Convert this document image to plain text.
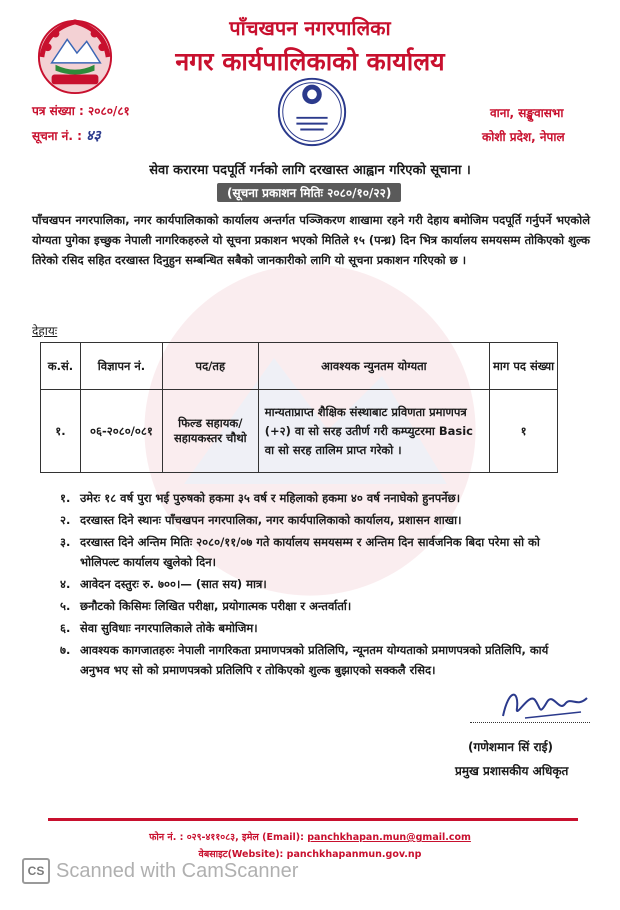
पाँचखपन नगरपालिका
नगर कार्यपालिकाको कार्यालय
पत्र संख्या : २०८०/८१
सूचना नं. : ४३
वाना, सङ्खुवासभा
कोशी प्रदेश, नेपाल
सेवा करारमा पदपूर्ति गर्नको लागि दरखास्त आह्वान गरिएको सूचाना ।
(सूचना प्रकाशन मितिः २०८०/१०/२२)
पाँचखपन नगरपालिका, नगर कार्यपालिकाको कार्यालय अन्तर्गत पञ्जिकरण शाखामा रहने गरी देहाय बमोजिम पदपूर्ति गर्नुपर्ने भएकोले योग्यता पुगेका इच्छुक नेपाली नागरिकहरुले यो सूचना प्रकाशन भएको मितिले १५ (पन्ध्र) दिन भित्र कार्यालय समयसम्म तोकिएको शुल्क तिरेको रसिद सहित दरखास्त दिनुहुन सम्बन्धित सबैको जानकारीको लागि यो सूचना प्रकाशन गरिएको छ ।
देहायः
क.सं.	विज्ञापन नं.	पद/तह	आवश्यक न्युनतम योग्यता	माग पद संख्या
१.	०६-२०८०/०८१	फिल्ड सहायक/ सहायकस्तर चौथो	मान्यताप्राप्त शैक्षिक संस्थाबाट प्रविणता प्रमाणपत्र (+२) वा सो सरह उतीर्ण गरी कम्प्युटरमा Basic वा सो सरह तालिम प्राप्त गरेको ।	१
१. उमेरः १८ वर्ष पुरा भई पुरुषको हकमा ३५ वर्ष र महिलाको हकमा ४० वर्ष ननाघेको हुनपर्नेछ।
२. दरखास्त दिने स्थानः पाँचखपन नगरपालिका, नगर कार्यपालिकाको कार्यालय, प्रशासन शाखा।
३. दरखास्त दिने अन्तिम मितिः २०८०/११/०७ गते कार्यालय समयसम्म र अन्तिम दिन सार्वजनिक बिदा परेमा सो को भोलिपल्ट कार्यालय खुलेको दिन।
४. आवेदन दस्तुरः रु. ७००।— (सात सय) मात्र।
५. छनौटको किसिमः लिखित परीक्षा, प्रयोगात्मक परीक्षा र अन्तर्वार्ता।
६. सेवा सुविधाः नगरपालिकाले तोके बमोजिम।
७. आवश्यक कागजातहरुः नेपाली नागरिकता प्रमाणपत्रको प्रतिलिपि, न्यूनतम योग्यताको प्रमाणपत्रको प्रतिलिपि, कार्य अनुभव भए सो को प्रमाणपत्रको प्रतिलिपि र तोकिएको शुल्क बुझाएको सक्कलै रसिद।
(गणेशमान सिं राई)
प्रमुख प्रशासकीय अधिकृत
फोन नं. : ०२९-४११०८३, इमेल (Email): panchkhapan.mun@gmail.com
वेबसाइट(Website): panchkhapanmun.gov.np
CS Scanned with CamScanner
